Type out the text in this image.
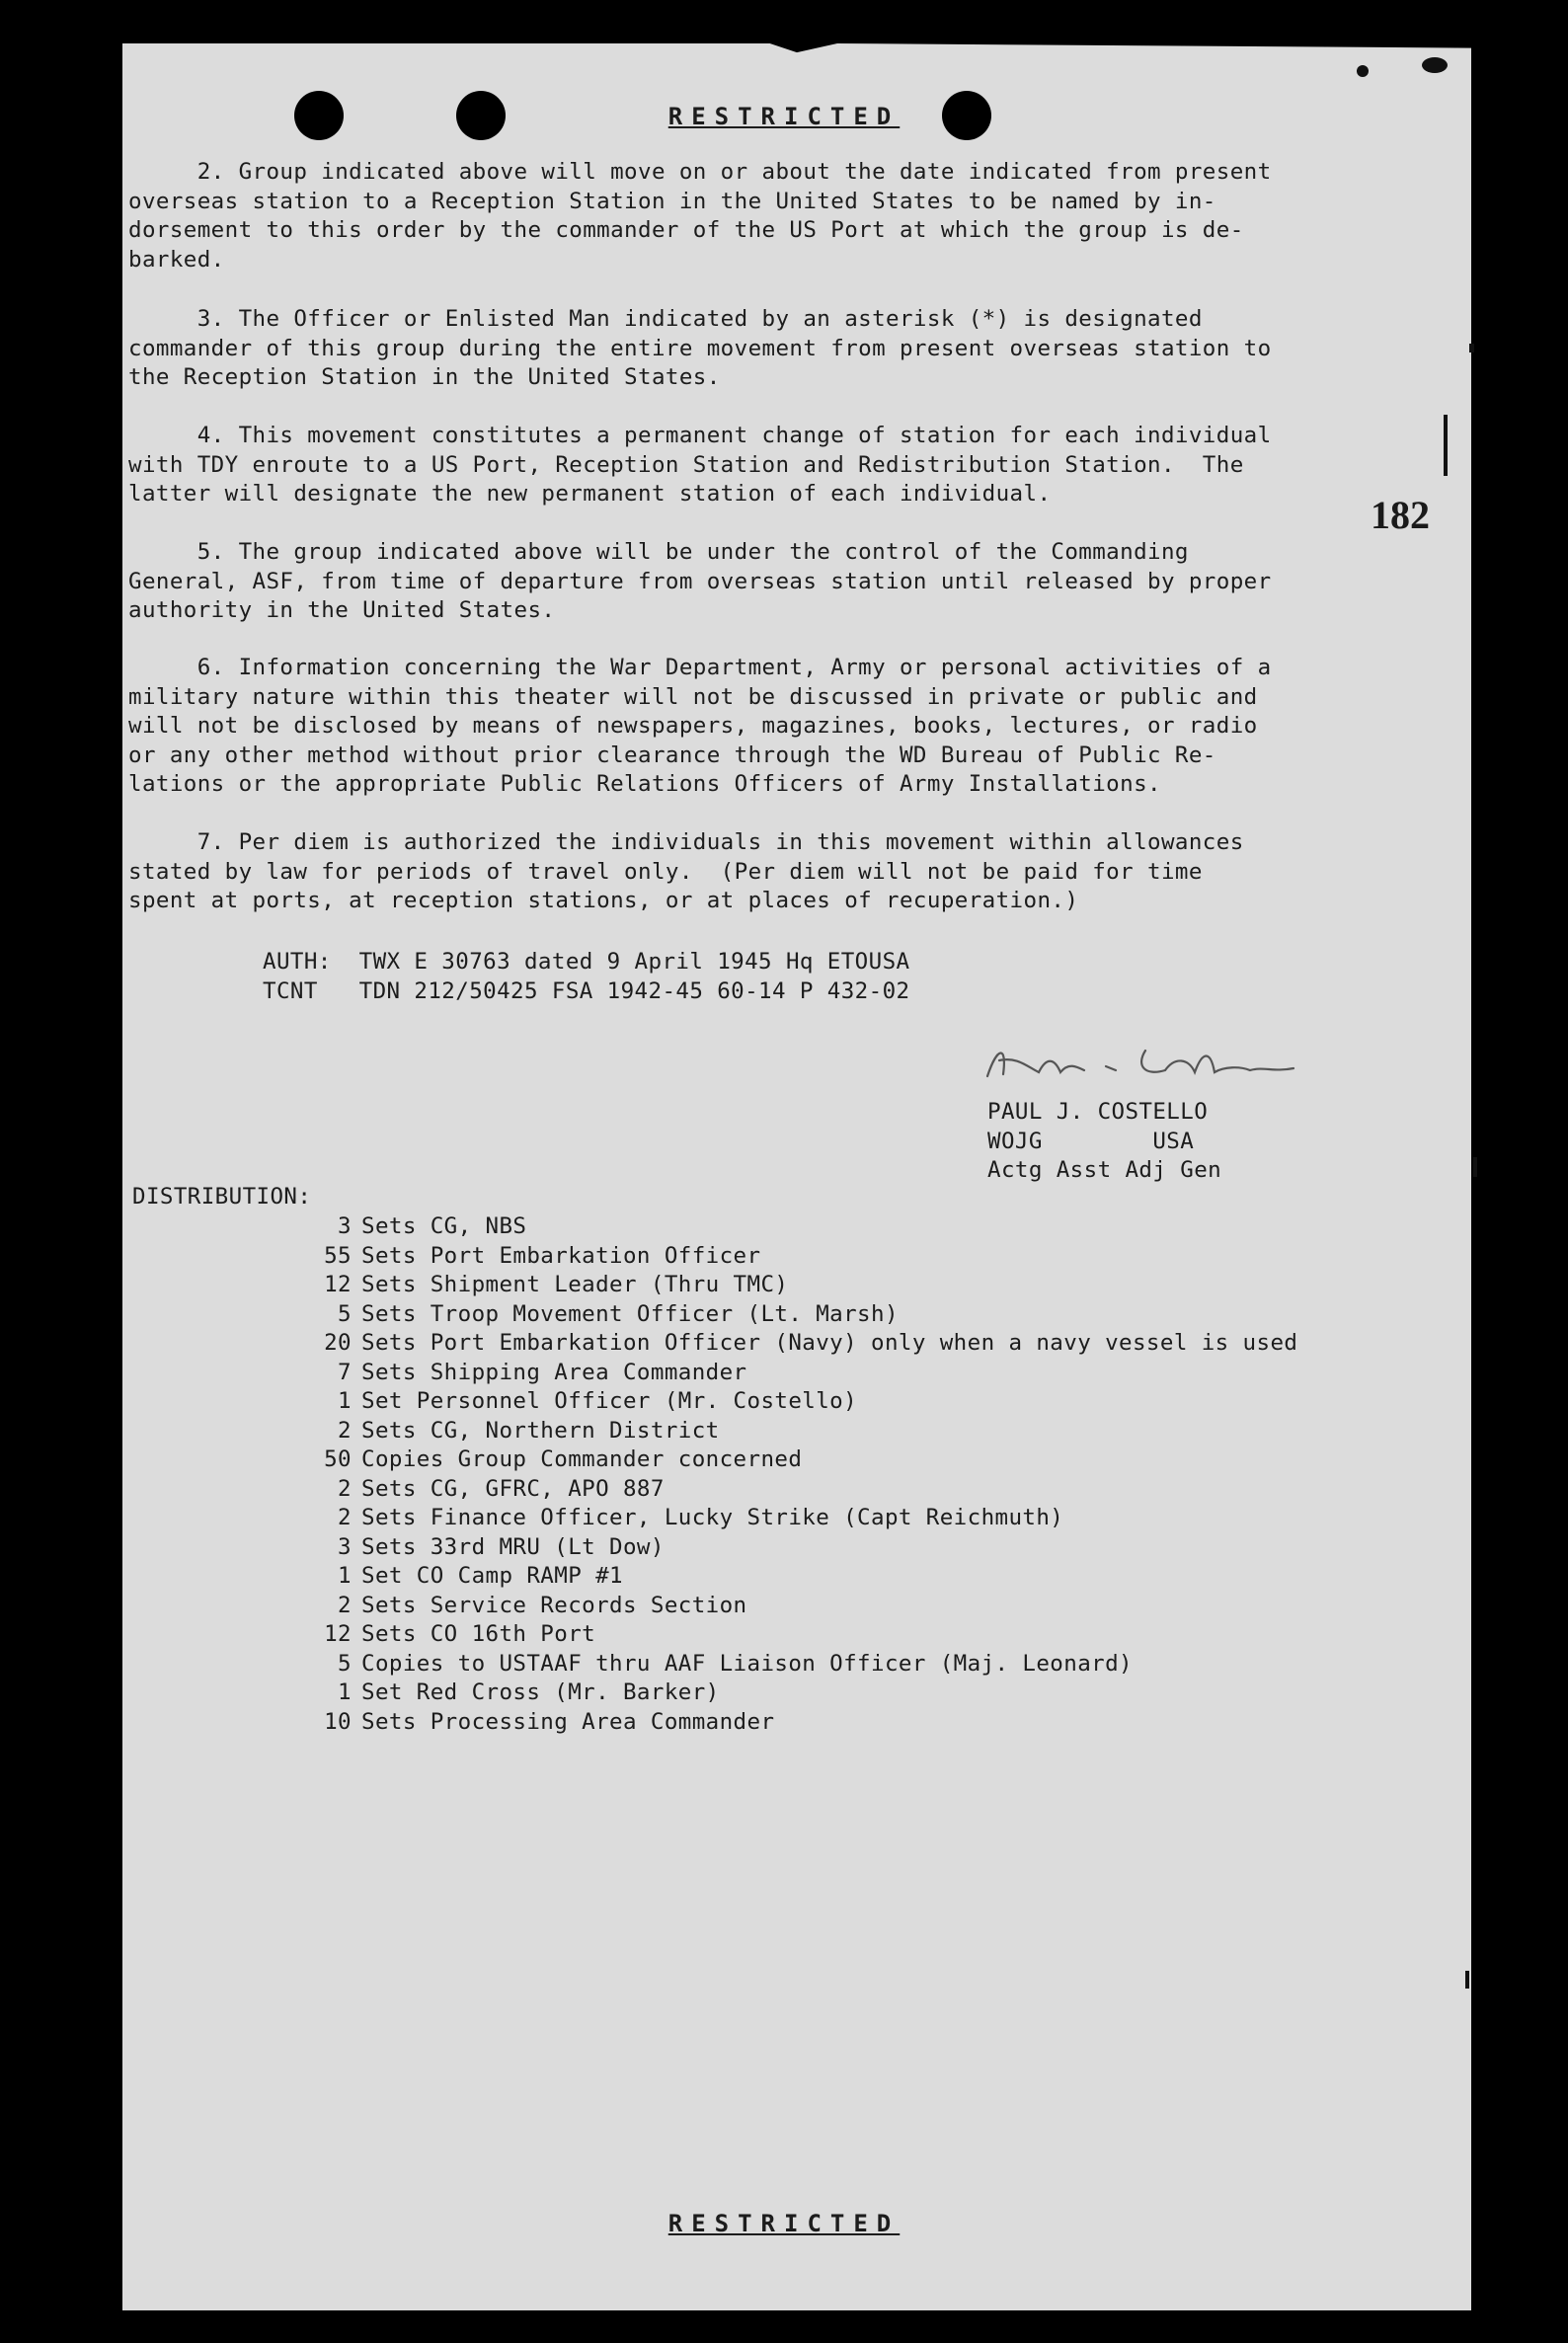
RESTRICTED
182
2. Group indicated above will move on or about the date indicated from present
overseas station to a Reception Station in the United States to be named by in-
dorsement to this order by the commander of the US Port at which the group is de-
barked.
3. The Officer or Enlisted Man indicated by an asterisk (*) is designated
commander of this group during the entire movement from present overseas station to
the Reception Station in the United States.
4. This movement constitutes a permanent change of station for each individual
with TDY enroute to a US Port, Reception Station and Redistribution Station.  The
latter will designate the new permanent station of each individual.
5. The group indicated above will be under the control of the Commanding
General, ASF, from time of departure from overseas station until released by proper
authority in the United States.
6. Information concerning the War Department, Army or personal activities of a
military nature within this theater will not be discussed in private or public and
will not be disclosed by means of newspapers, magazines, books, lectures, or radio
or any other method without prior clearance through the WD Bureau of Public Re-
lations or the appropriate Public Relations Officers of Army Installations.
7. Per diem is authorized the individuals in this movement within allowances
stated by law for periods of travel only.  (Per diem will not be paid for time
spent at ports, at reception stations, or at places of recuperation.)
AUTH:  TWX E 30763 dated 9 April 1945 Hq ETOUSA
TCNT   TDN 212/50425 FSA 1942-45 60-14 P 432-02
PAUL J. COSTELLO
WOJG        USA
Actg Asst Adj Gen
DISTRIBUTION:
3 Sets CG, NBS
55 Sets Port Embarkation Officer
12 Sets Shipment Leader (Thru TMC)
5 Sets Troop Movement Officer (Lt. Marsh)
20 Sets Port Embarkation Officer (Navy) only when a navy vessel is used
7 Sets Shipping Area Commander
1 Set Personnel Officer (Mr. Costello)
2 Sets CG, Northern District
50 Copies Group Commander concerned
2 Sets CG, GFRC, APO 887
2 Sets Finance Officer, Lucky Strike (Capt Reichmuth)
3 Sets 33rd MRU (Lt Dow)
1 Set CO Camp RAMP #1
2 Sets Service Records Section
12 Sets CO 16th Port
5 Copies to USTAAF thru AAF Liaison Officer (Maj. Leonard)
1 Set Red Cross (Mr. Barker)
10 Sets Processing Area Commander
RESTRICTED
